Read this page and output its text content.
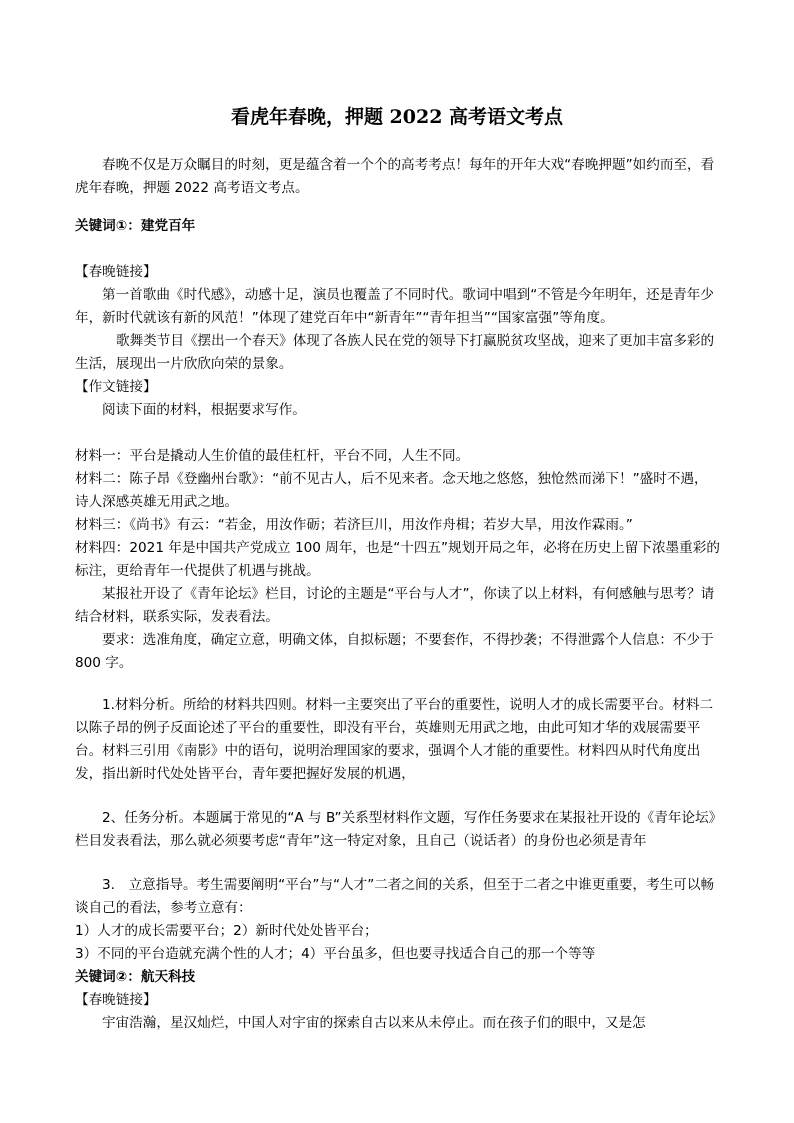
看虎年春晚，押题 2022 高考语文考点

春晚不仅是万众瞩目的时刻，更是蕴含着一个个的高考考点！每年的开年大戏“春晚押题”如约而至，看虎年春晚，押题 2022 高考语文考点。

关键词①：建党百年

【春晚链接】

第一首歌曲《时代感》，动感十足，演员也覆盖了不同时代。歌词中唱到“不管是今年明年，还是青年少年，新时代就该有新的风范！”体现了建党百年中“新青年”“青年担当”“国家富强”等角度。

歌舞类节目《摆出一个春天》体现了各族人民在党的领导下打赢脱贫攻坚战，迎来了更加丰富多彩的生活，展现出一片欣欣向荣的景象。

【作文链接】

阅读下面的材料，根据要求写作。

材料一：平台是撬动人生价值的最佳杠杆，平台不同，人生不同。

材料二：陈子昂《登幽州台歌》：“前不见古人，后不见来者。念天地之悠悠，独怆然而涕下！”盛时不遇，诗人深感英雄无用武之地。

材料三：《尚书》有云：“若金，用汝作砺；若济巨川，用汝作舟楫；若岁大旱，用汝作霖雨。”

材料四：2021 年是中国共产党成立 100 周年，也是“十四五”规划开局之年，必将在历史上留下浓墨重彩的标注，更给青年一代提供了机遇与挑战。

某报社开设了《青年论坛》栏目，讨论的主题是“平台与人才”，你读了以上材料，有何感触与思考？请结合材料，联系实际，发表看法。

要求：选准角度，确定立意，明确文体，自拟标题；不要套作，不得抄袭；不得泄露个人信息：不少于 800 字。

1.材料分析。所给的材料共四则。材料一主要突出了平台的重要性，说明人才的成长需要平台。材料二以陈子昂的例子反面论述了平台的重要性，即没有平台，英雄则无用武之地，由此可知才华的戏展需要平台。材料三引用《南影》中的语句，说明治理国家的要求，强调个人才能的重要性。材料四从时代角度出发，指出新时代处处皆平台，青年要把握好发展的机遇，

2、任务分析。本题属于常见的“A 与 B”关系型材料作文题，写作任务要求在某报社开设的《青年论坛》栏目发表看法，那么就必须要考虑“青年”这一特定对象，且自己（说话者）的身份也必须是青年

3.　立意指导。考生需要阐明“平台”与“人才”二者之间的关系，但至于二者之中谁更重要，考生可以畅谈自己的看法，参考立意有：

1）人才的成长需要平台；2）新时代处处皆平台；

3）不同的平台造就充满个性的人才；4）平台虽多，但也要寻找适合自己的那一个等等

关键词②：航天科技

【春晚链接】

宇宙浩瀚，星汉灿烂，中国人对宇宙的探索自古以来从未停止。而在孩子们的眼中，又是怎
